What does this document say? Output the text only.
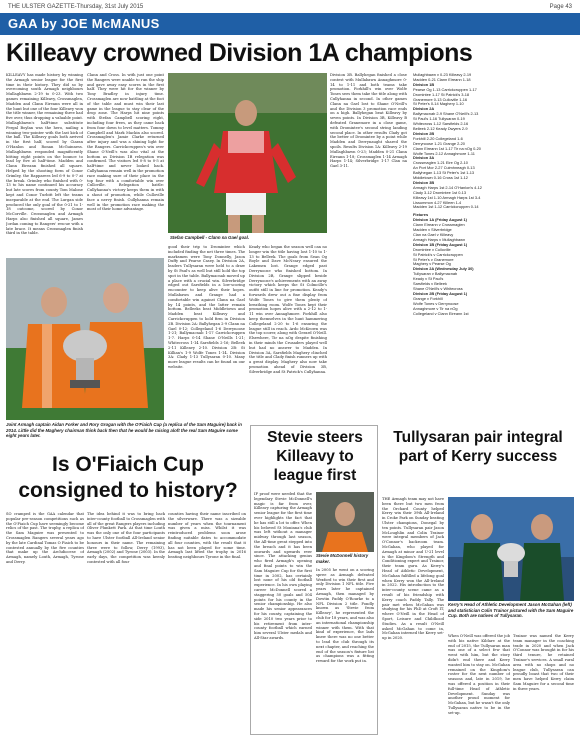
THE ULSTER GAZETTE-Thursday, 31st July 2015	Page 43
GAA by JOE McMANUS
Killeavy crowned Division 1A champions
KILLEAVY has made history by winning the Armagh senior league for the first time in their history. They did so by overcoming south Armagh neighbours Mullaghbawn 2-19 to 0-23. With two games remaining Killeavy, Crossmaglen, Madden and Clann Eireann were all in the hunt but one of the four Killeavy won the title winner, the remaining three had five over, thus dropping a valuable point. Mullaghbawn's half-time substitute Fergal Boylan was the hero, nailing a winning two-pointer with the last kick of the ball. The Killeavy goals both arrived in the first half, scored by Ciaran O'Hanlon and Ronan McGuinness. Mullaghbawn responded magnificently hitting eight points on the bounce to lead by five at half-time. Madden and Clann Eireann finished all square. Helped by the shooting form of Conor Grimley, the Rapparees led 6-9 to 0-7 at the break. Grimley who finished with 0-13 to his name continued his accuracy but late scores from county Tom Malone kept and Conor Turbitt left the teams inseparable at the end. The Lurgan side produced the only goal of the 0-21 to 1-18 outcome, scored by Conor McCorville. Crossmaglen and Armagh Harps also finished all square, James Jordan coming to Rangers' rescue with a late brace. It means Crossmaglen finish third in the table.
Clann and Cross. In with just one point the Rangers were unable to run the ship and gave away easy scores in the first half. They were hit for the winner by Tony Bradley in injury time. Crossmaglen are now battling at the foot of the table and must win their last game in the league to stay clear of the drop zone. The Harps hit nine points with Stefan Campbell scoring eight, including four frees, as they came back from four down to level matters. Tommy Campbell and Mark Mackin also scored. Crossmaglen's Jamie Clarke returned after injury and was a shining light for the Rangers. Carrickcruppen's win over Shane O'Neill's was also vital at the bottom as Division 1B relegation was confirmed. The visitors led 0-8 to 0-5 at half-time and never looked back. Callyhanna remain well in the promotion race making sure of their place in the top four with a comfortable win over Culloville. Relegation battle: Cullyhanna's victory keeps them in with a shout of promotion, while Culloville face a nervy finish. Cullyhanna remain well in the promotion race making the most of their home advantage.
Stefan Campbell - Clann na Gael goal.
good their trip to Dromintee which included finding the net three times. The marksmen were Tony Donnelly, Jason Duffy and Pearse Casey. In Division 2A, leaders Tullysaran were held to a draw by St Paul's as well but still hold the top spot in the table. Ballymacnab moved up a place with a crucial win. Silverbridge edged out Sarsfields in a low-scoring encounter to keep alive their hopes. Mullabawn and Grange had a comfortable win against Clann na Gael by 14 points, and the latter remain bottom. Belleeks beat Middletown and Madden beat Killeavy and Carrickcruppen to hold firm in Division 2B. Division 2A: Ballyhegan 2-9 Clann na Gael 0-12; Collegeland 1-6 Derrynoose 1-21; Ballymacnab 1-17 Carrickcruppen 1-7. Harps 0-14 Shane O'Neills 1-21; Whitecross 1-14 Sarsfields 2-16; Belleek 2-11 Killeavy 2-10. Division 2B: St Killian's 1-9 Wolfe Tones 1-14. Division 3A: Clady 1-13 Tullysaran 0-10. Many more league results can be found on our website.
Keady who began the season well can no longer win the title having lost 1-10 to 1-13 to Belleek. The goals from Sean Og Boyle and Dave McNeary ensured the Lakemen lost. Grange edged past Derrynoose who finished bottom. In Division 2B, Grange slipped beside Derrynoose's achievements with an away victory which keeps the St Colmcille's outfit still in line for promotion. Keady's forwards drew out a fine display from Wolfe Tones to give them plenty of breathing room. Wolfe Tones kept their promotion hopes alive with a 2-12 to 1-11 win over Annaghmore. Forkhill also keep themselves in the hunt hammering Collegeland 2-20 to 1-6 ensuring the league still in reach. Ardo McKeown was the top scorer, along with Gerard O'Neill. Elsewhere, Tir na nOg despite finishing in their minds the Crusaders played well but had no answer to Madden. In Division 3A, Sarsfields Maghery clinched the title and Clady finish runners up with a great display. Maghery also now take promotion ahead of Division 3B, Silverbridge and St Patrick's Cullyhanna.
Division 3B. Ballyhegan finished a close contest with Mullabawn Annaghmore 0-14 to 1-11 and both teams take promotion. Forkhill's win over Wolfe Tones sees them take the title along with Cullyhanna in second. In other games Clann na Gael lost to Shane O'Neill's and the Division 3 promotion race ends on a high. Ballyhegan beat Killeavy by seven points. In Division 3B, Killeavy B defeated Granemore in a close game, with Dromintee's second string landing second place. In other results Clady got the better of Dromintee by a point while Madden and Derrynaught shared the spoils. Results Division 1A: Killeavy 2-19 Mullaghbawn 0-23; Madden 0-21 Clann Eireann 1-18; Crossmaglen 1-14 Armagh Harps 1-14; Silverbridge 1-17 Clan na Gael 3-11.
Mullaghbawn v 0-23 Killeavy 2-19
Madden 0-21 Clann Eireann 1-18
Division 1B
Pearse Og 1-13 Carrickcruppen 1-17
Dromintee 1-17 St Patrick's 3-18
Granemore 0-13 Culloville 1-16
St Peter's 0-14 Maghery 1-10
Division 2A
Ballymacnab 2-9 Shane O'Neill's 2-13
St Paul's 1-16 Tullysaran 0-19
Whitecross 1-12 Sarsfields 2-16
Belleek 2-12 Keady Dwyers 2-9
Division 2B
Forkhill 2-20 Collegeland 1-6
Derrynoose 1-21 Grange 2-20
Clann Eireann 1st 1-17 Tir na nOg 0-20
Wolfe Tones 2-12 Annaghmore 1-11
Division 3A
Crossmaglen 1-21 Eire Og 2-10
An Port Mor 2-27 Cuimhneagh 0-13
Ballyhegan 1-13 St Peter's 1st 1-13
Middletown 0-16 Cross 1st 1-12
Division 3B
Armagh Harps 1st 2-14 O'Hanlon's 4-12
Clady 3-12 Dromintee 1st 0-13
Killeavy 1st 1-10 Armagh Harps 1st 3-4
Lissummon 4-27 Killeen 1-4
Madden 1st 1-12 Carrickcruppen 0-14
Fixtures
Division 1A (Friday August 1)
Clann Eireann v Crossmaglen
Madden v Silverbridge
Clan na Gael v Killeavy
Armagh Harps v Mullaghbawn
Division 1B (Friday August 1)
Dromintee v Culloville
St Patrick's v Carrickcruppen
St Peter's v Granemore
Maghery v Pearse Og
Division 2A (Wednesday July 30)
Tullysaran v Ballymacnab
Keady v St Paul's
Sarsfields v Belleek
Shane O'Neill's v Whitecross
Division 2B (Friday August 1)
Grange v Forkhill
Wolfe Tones v Derrynoose
Annaghmore v Tir na nOg
Collegeland v Clann Eireann 1st
Joint Armagh captain Aidan Forker and Rory Grogan with the O'Fiaich Cup (a replica of the Sam Maguire) back in 2014. Little did the Maghery chairman think back then that he would be raising aloft the real Sam Maguire some eight years later.
Is O'Fiaich Cup consigned to history?
SO cramped is the GAA calendar that popular pre-season competitions such as the O'Fiaich Cup have seemingly become relics of the past. The trophy, a replica of the Sam Maguire was presented to Crossmaglen Rangers several years ago by the late Cardinal Tomas O Fiaich to be contested annually by the five counties that make up the Archdiocese of Armagh, namely Louth, Armagh, Tyrone and Derry.
The idea behind it was to bring back inter-county football to Crossmaglen with all of the great Rangers players including Oliver Plunkett Park. At that time Louth was the only one of the four participants to have Ulster football All-Ireland senior honours in their name. The remaining three were to follow, Derry (1993), Armagh (2002) and Tyrone (2003). In the early days, the competition was keenly contested with all four
counties having their name inscribed on the silverware. There was a sizeable number of years when the tournament was given a miss. Whilst it was reintroduced problems soon arose finding suitable dates to accommodate all four counties, with the result that it has not been played for some time. Armagh last lifted the trophy in 2016 beating neighbours Tyrone in the final.
Stevie steers Killeavy to league first
IF proof were needed that the legendary Stevie McDonnell's magic is far from over, Killeavy capturing the Armagh senior league for the first time ever highlights the fact that he has still a lot to offer. When his beloved St Moninna's club was left without a manager midway through last season, the All-time great stepped into the breach and it has been onwards and upwards ever since. The attacking genius who fired Armagh's opening and final points to win the Sam Maguire Cup for the first time in 2002, has certainly lost none of his old football experience. In his own playing career McDonnell scored a staggering 50 goals and 504 points for his county in the senior championship. He also made his senior appearances for his county, captaining the side 2010 two years prior to his retirement from inter-county football which earned him several Ulster medals and All-Star awards.
Stevie McDonnell history maker.
In 2005 he went on a scoring spree as Armagh defeated Wexford to win their first and only Division 1 NFL title. Five years later he captained Armagh, then managed by Dowtin Paddy O'Rourke to a NFL Division 2 title. Fondly known as 'Stevie from Killeavy', he represented the club for 18 years, and was also an international championship winner with them. With that kind of experience, the lads knew there was no one better to lead the club through its next chapter, and reaching the end of the season's fixture list as champions was a fitting reward for the work put in.
Tullysaran pair integral part of Kerry success
THE Armagh team may not have been there but two men from the Orchard County helped Kerry win their 39th All-Ireland in Croke Park on Sunday beating Ulster champions, Donegal by ten points. Tullysaran pair Jason McLoughlin and Colin Trainor were integral members of Jack O'Connor's backroom team. McGahan, who played for Armagh at minor and U-21 level is the Kingdom's Strength and Conditioning expert and Trainor, their team guru. As Kerry's Head of Athletic Development, McGahan fulfilled a lifelong goal when Kerry won the All-Ireland in 2022. His introduction to the inter-county scene came as a result of his friendship with Kerry coach Paddy Tally. The pair met when McGahan was studying for his PhD at Croft IT, where O'Neill in the Head of Sport, Leisure and Childhood Studies. As a result O'Neill asked McGahan to come in, McGahan interned the Kerry set-up in 2020.
Kerry's Head of Athletic Development Jason McGahan (left) and statistician Colin Trainor pictured with the Sam Maguire Cup. Both are natives of Tullysaran.
When O'Neill was offered the job with his native Kildare at the end of 2015, the Tullysaran man was one of a select few that went with him, but the story didn't end there and Kerry wanted him to stay on. McGahan remained on the Kingdom's roster for the next number of seasons and, late in 2019, he was offered a position in their full-time Head of Athletic Development. Sunday was another proud moment for McGahan, but he wasn't the only Tullysaran native to be in the set-up.
Trainor was named the Kerry team manager in the coaching trade in 2020 and when Jack O'Connor was brought in for his third tenure, he retained Trainor's services. A small rural area with no shops and no league club, Tullysaran can proudly boast that two of their men have helped Kerry claim Sam Maguire for a second time in three years.
